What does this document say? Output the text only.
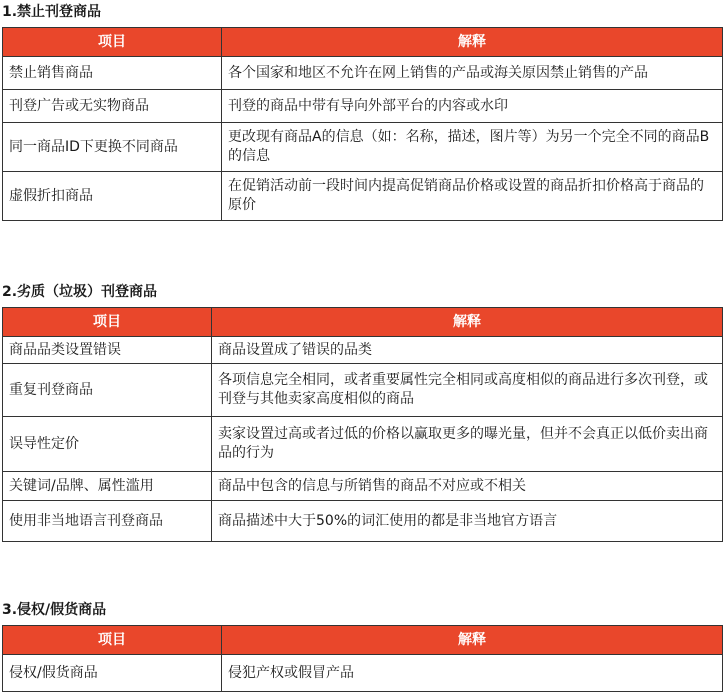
1.禁止刊登商品
项目	解释
禁止销售商品	各个国家和地区不允许在网上销售的产品或海关原因禁止销售的产品
刊登广告或无实物商品	刊登的商品中带有导向外部平台的内容或水印
同一商品ID下更换不同商品	更改现有商品A的信息（如：名称，描述，图片等）为另一个完全不同的商品B的信息
虚假折扣商品	在促销活动前一段时间内提高促销商品价格或设置的商品折扣价格高于商品的原价
2.劣质（垃圾）刊登商品
项目	解释
商品品类设置错误	商品设置成了错误的品类
重复刊登商品	各项信息完全相同，或者重要属性完全相同或高度相似的商品进行多次刊登，或刊登与其他卖家高度相似的商品
误导性定价	卖家设置过高或者过低的价格以赢取更多的曝光量，但并不会真正以低价卖出商品的行为
关键词/品牌、属性滥用	商品中包含的信息与所销售的商品不对应或不相关
使用非当地语言刊登商品	商品描述中大于50%的词汇使用的都是非当地官方语言
3.侵权/假货商品
项目	解释
侵权/假货商品	侵犯产权或假冒产品
